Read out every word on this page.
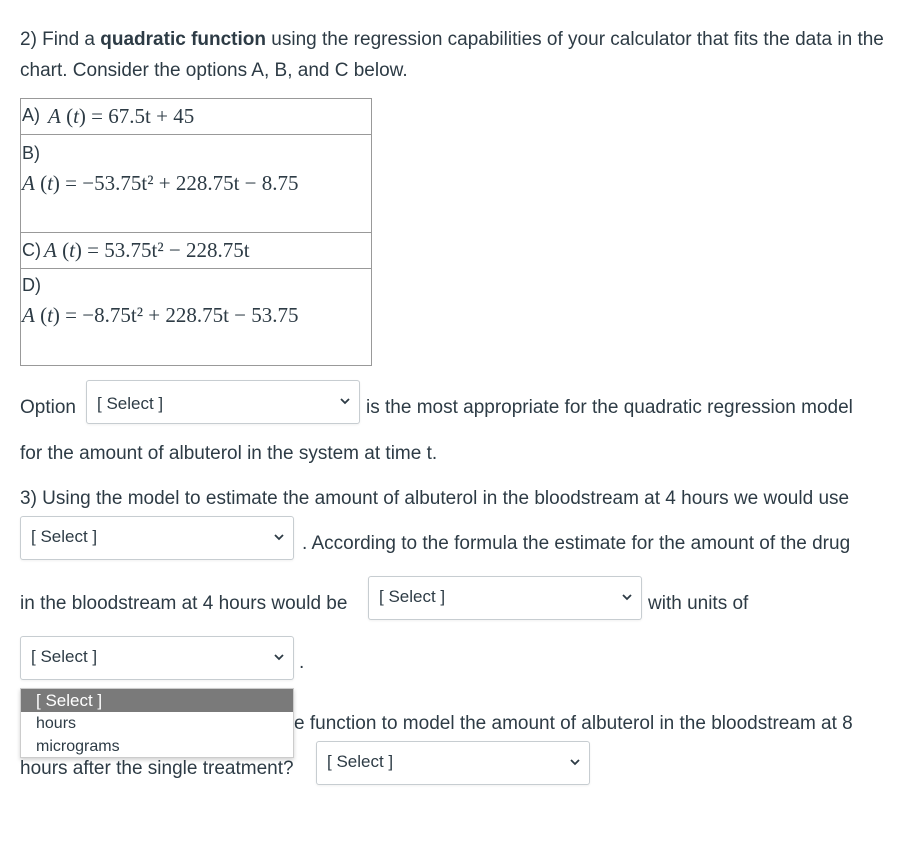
2) Find a quadratic function using the regression capabilities of your calculator that fits the data in the chart. Consider the options A, B, and C below.
A) A (t) = 67.5t + 45
B)
A (t) = −53.75t² + 228.75t − 8.75
C) A (t) = 53.75t² − 228.75t
D)
A (t) = −8.75t² + 228.75t − 53.75
Option [ Select ]	is the most appropriate for the quadratic regression model
for the amount of albuterol in the system at time t.
3) Using the model to estimate the amount of albuterol in the bloodstream at 4 hours we would use
[ Select ]	. According to the formula the estimate for the amount of the drug
in the bloodstream at 4 hours would be [ Select ]	with units of
[ Select ]	.
e function to model the amount of albuterol in the bloodstream at 8
hours after the single treatment? [ Select ]
[ Select ]
hours
micrograms
